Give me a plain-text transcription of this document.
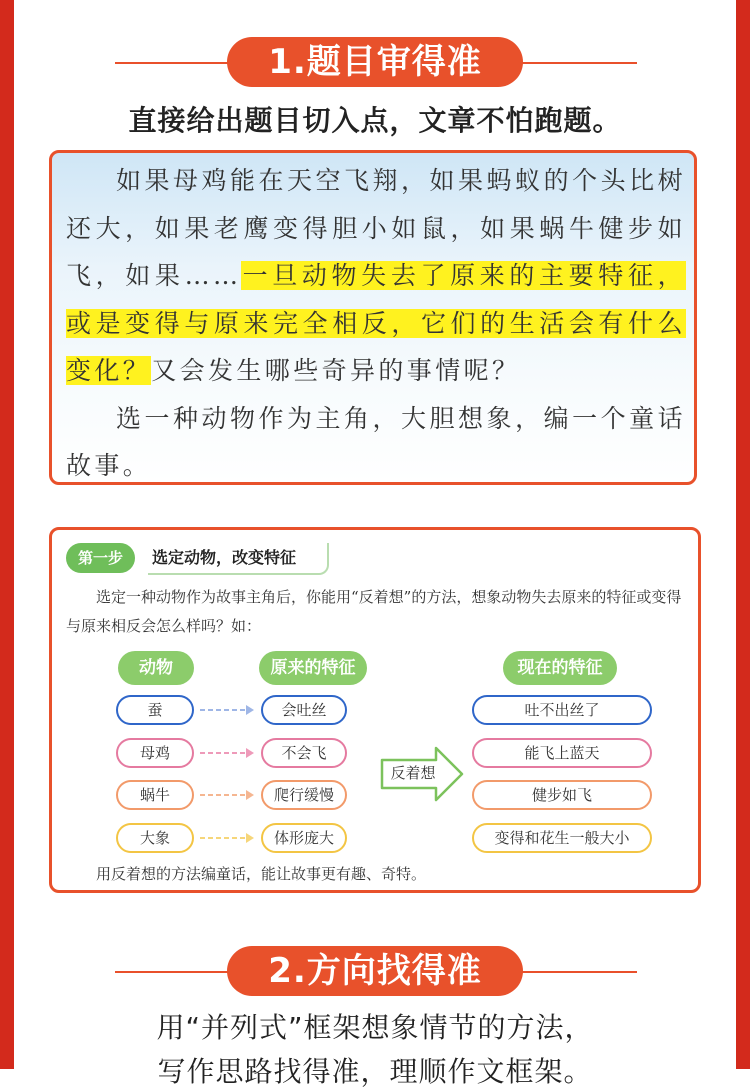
1.题目审得准
直接给出题目切入点，文章不怕跑题。

如果母鸡能在天空飞翔，如果蚂蚁的个头比树还大，如果老鹰变得胆小如鼠，如果蜗牛健步如飞，如果……一旦动物失去了原来的主要特征，或是变得与原来完全相反，它们的生活会有什么变化？又会发生哪些奇异的事情呢？

选一种动物作为主角，大胆想象，编一个童话故事。

第一步	选定动物，改变特征
选定一种动物作为故事主角后，你能用“反着想”的方法，想象动物失去原来的特征或变得与原来相反会怎么样吗？如：
动物	原来的特征	现在的特征
蚕	会吐丝	吐不出丝了
母鸡	不会飞	能飞上蓝天
蜗牛	爬行缓慢	健步如飞
大象	体形庞大	变得和花生一般大小
反着想
用反着想的方法编童话，能让故事更有趣、奇特。
2.方向找得准
用“并列式”框架想象情节的方法，
写作思路找得准，理顺作文框架。
